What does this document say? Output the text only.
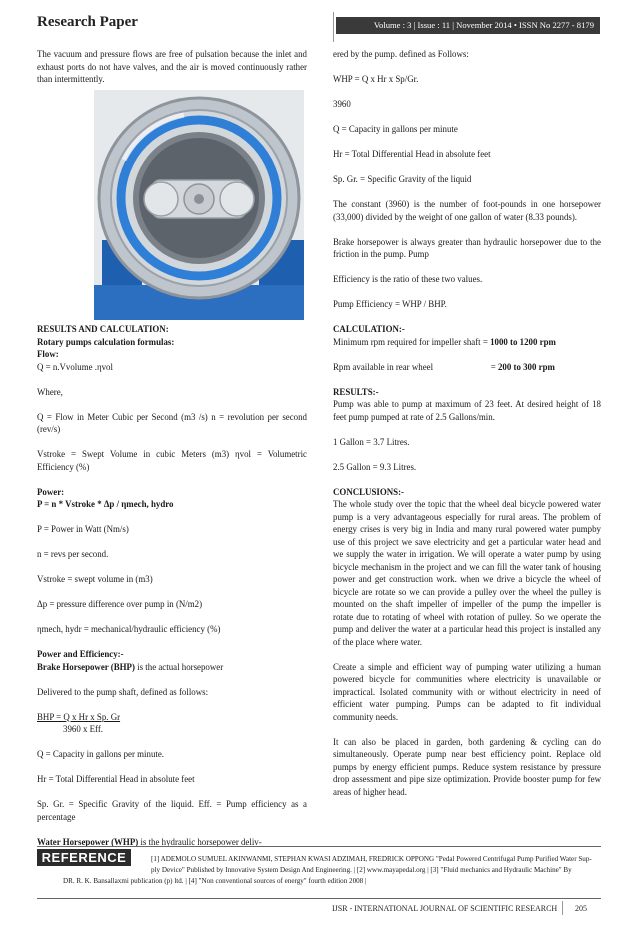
Research Paper	Volume : 3 | Issue : 11 | November 2014 • ISSN No 2277 - 8179

The vacuum and pressure flows are free of pulsation because the inlet and exhaust ports do not have valves, and the air is moved continuously rather than intermittently.

RESULTS AND CALCULATION:
Rotary pumps calculation formulas:
Flow:

Q = n.Vvolume .ηvol

Where,

Q = Flow in Meter Cubic per Second (m3 /s) n = revolution per second (rev/s)

Vstroke = Swept Volume in cubic Meters (m3) ηvol = Volumetric Efficiency (%)

Power:

P = n * Vstroke * Δp / ηmech, hydro

P = Power in Watt (Nm/s)

n = revs per second.

Vstroke = swept volume in (m3)

Δp = pressure difference over pump in (N/m2)

ηmech, hydr = mechanical/hydraulic efficiency (%)

Power and Efficiency:-

Brake Horsepower (BHP) is the actual horsepower

Delivered to the pump shaft, defined as follows:

BHP = Q x Hr x Sp. Gr

3960 x Eff.

Q = Capacity in gallons per minute.

Hr = Total Differential Head in absolute feet

Sp. Gr. = Specific Gravity of the liquid. Eff. = Pump efficiency as a percentage

Water Horsepower (WHP) is the hydraulic horsepower deliv-

ered by the pump. defined as Follows:

WHP = Q x Hr x Sp/Gr.

3960

Q = Capacity in gallons per minute

Hr = Total Differential Head in absolute feet

Sp. Gr. = Specific Gravity of the liquid

The constant (3960) is the number of foot-pounds in one horsepower (33,000) divided by the weight of one gallon of water (8.33 pounds).

Brake horsepower is always greater than hydraulic horsepower due to the friction in the pump. Pump

Efficiency is the ratio of these two values.

Pump Efficiency = WHP / BHP.

CALCULATION:-

Minimum rpm required for impeller shaft = 1000 to 1200 rpm

Rpm available in rear wheel                          = 200 to 300 rpm

RESULTS:-

Pump was able to pump at maximum of 23 feet. At desired height of 18 feet pump pumped at rate of 2.5 Gallons/min.

1 Gallon = 3.7 Litres.

2.5 Gallon = 9.3 Litres.

CONCLUSIONS:-

The whole study over the topic that the wheel deal bicycle powered water pump is a very advantageous especially for rural areas. The problem of energy crises is very big in India and many rural powered water pumpby use of this project we save electricity and get a particular water head and we supply the water in irrigation. We will operate a water pump by using bicycle mechanism in the project and we can fill the water tank of housing power and get construction work. when we drive a bicycle the wheel of bicycle are rotate so we can provide a pulley over the wheel the pulley is mounted on the shaft impeller of impeller of the pump the impeller is rotate due to rotating of wheel with rotation of pulley. So we operate the pump and deliver the water at a particular head this project is installed any of the place where water.

Create a simple and efficient way of pumping water utilizing a human powered bicycle for communities where electricity is unavailable or impractical. Isolated community with or without electricity in need of efficient water pumping. Pumps can be adapted to fit individual community needs.

It can also be placed in garden, both gardening & cycling can do simultaneously. Operate pump near best efficiency point. Replace old pumps by energy efficient pumps. Reduce system resistance by pressure drop assessment and pipe size optimization. Provide booster pump for few areas of higher head.

REFERENCE	[1] ADEMOLO SUMUEL AKINWANMI, STEPHAN KWASI ADZIMAH, FREDRICK OPPONG "Pedal Powered Centrifugal Pump Purified Water Sup-
ply Device" Published by Innovative System Design And Engineering. | [2] www.mayapedal.org | [3] "Fluid mechanics and Hydraulic Machine" By
DR. R. K. Bansallaxmi publication (p) ltd. | [4] "Non conventional sources of energy" fourth edition 2008 |
IJSR - INTERNATIONAL JOURNAL OF SCIENTIFIC RESEARCH 205
